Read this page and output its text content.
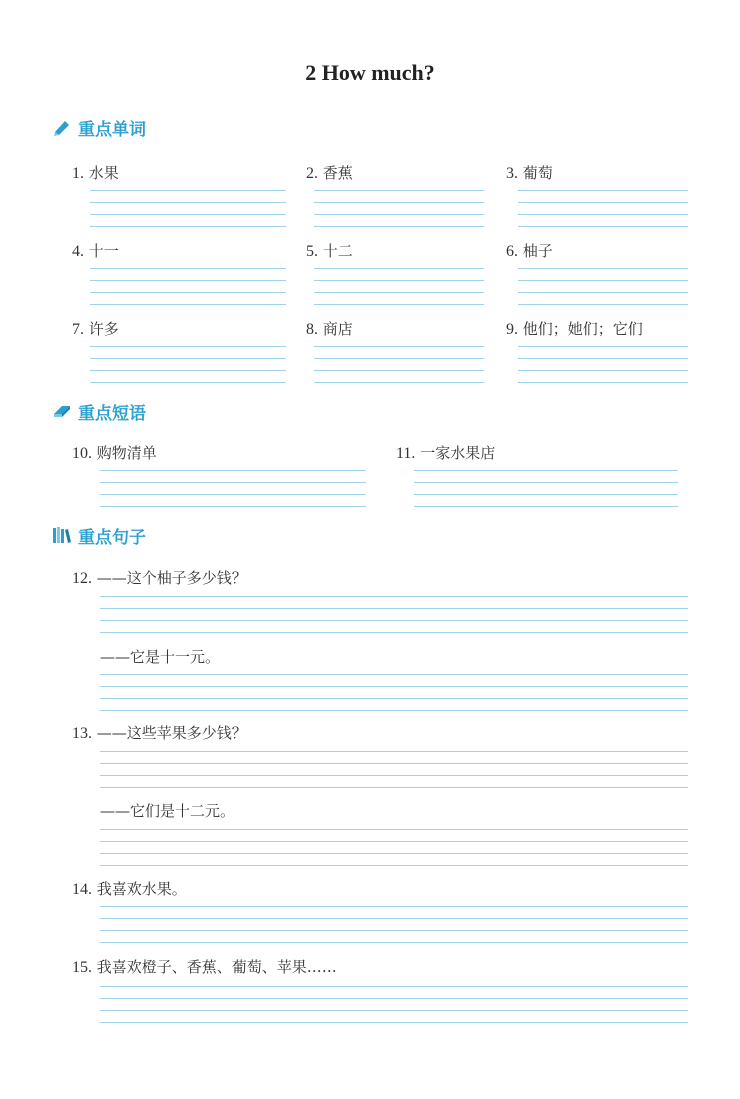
2 How much?
重点单词
1. 水果	2. 香蕉	3. 葡萄
4. 十一	5. 十二	6. 柚子
7. 许多	8. 商店	9. 他们；她们；它们
重点短语
10. 购物清单	11. 一家水果店
重点句子
12. ——这个柚子多少钱？
——它是十一元。
13. ——这些苹果多少钱？
——它们是十二元。
14. 我喜欢水果。
15. 我喜欢橙子、香蕉、葡萄、苹果……
